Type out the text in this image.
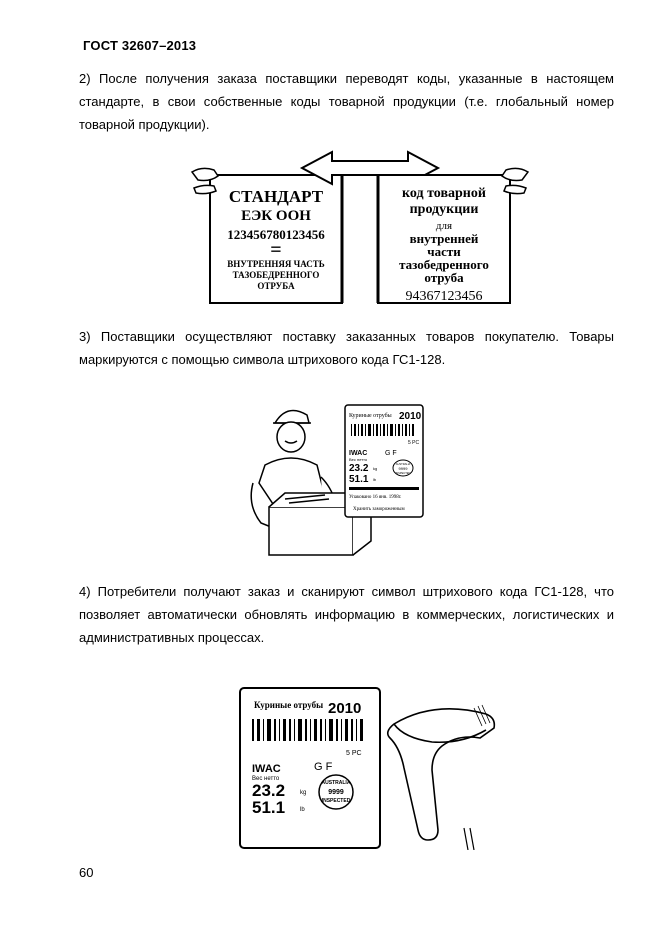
ГОСТ 32607–2013
2) После получения заказа поставщики переводят коды, указанные в настоящем стандарте, в свои собственные коды товарной продукции (т.е. глобальный номер товарной продукции).
СТАНДАРТ
ЕЭК ООН
123456780123456
=
ВНУТРЕННЯЯ ЧАСТЬ
ТАЗОБЕДРЕННОГО
ОТРУБА
код товарной
продукции
для
внутренней
части
тазобедренного
отруба
94367123456
3) Поставщики осуществляют поставку заказанных товаров покупателю. Товары маркируются с помощью символа штрихового кода ГС1-128.
Куриные отрубы 2010
5 PC
IWAC	G F
Вес нетто
23.2 kg
51.1 lb
AUSTRALIA
9999
INSPECTED
Упаковано 16 янв. 1998г.
Хранить замороженным
4) Потребители получают заказ и сканируют символ штрихового кода ГС1-128, что позволяет автоматически обновлять информацию в коммерческих, логистических и административных процессах.
Куриные отрубы 2010
5 PC
IWAC	G F
Вес нетто
23.2 kg
51.1 lb
AUSTRALIA
9999
INSPECTED
60
